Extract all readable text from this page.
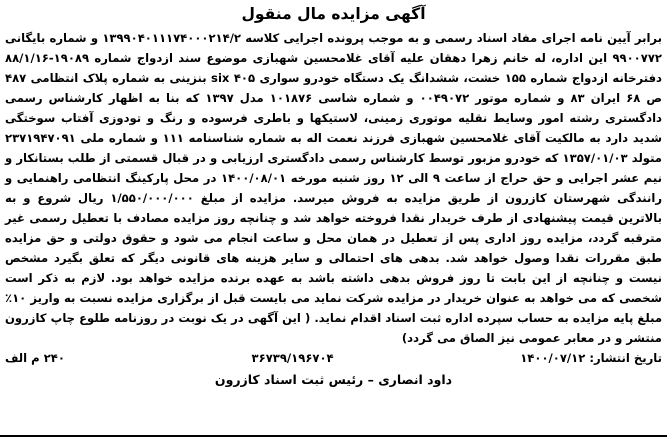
آگهی مزایده مال منقول

برابر آیین نامه اجرای مفاد اسناد رسمی و به موجب پرونده اجرایی کلاسه ۱۳۹۹۰۴۰۱۱۱۷۴۰۰۰۲۱۴/۲ و شماره بایگانی ۹۹۰۰۷۷۲ این اداره، له خانم زهرا دهقان علیه آقای غلامحسین شهبازی موضوع سند ازدواج شماره ۱۹۰۸۹-۸۸/۱/۱۶ دفترخانه ازدواج شماره ۱۵۵ خشت، ششدانگ یک دستگاه خودرو سواری six ۴۰۵ بنزینی به شماره پلاک انتظامی ۴۸۷ ص ۶۸ ایران ۸۳ و شماره موتور ۰۰۴۹۰۷۲ و شماره شاسی ۱۰۱۸۷۶ مدل ۱۳۹۷ که بنا به اظهار کارشناس رسمی دادگستری رشته امور وسایط نقلیه موتوری زمینی، لاستیکها و باطری فرسوده و رنگ و تودوزی آفتاب سوختگی شدید دارد به مالکیت آقای غلامحسین شهبازی فرزند نعمت اله به شماره شناسنامه ۱۱۱ و شماره ملی ۲۳۷۱۹۴۷۰۹۱ متولد ۱۳۵۷/۰۱/۰۳ که خودرو مزبور توسط کارشناس رسمی دادگستری ارزیابی و در قبال قسمتی از طلب بستانکار و نیم عشر اجرایی و حق حراج از ساعت ۹ الی ۱۲ روز شنبه مورخه ۱۴۰۰/۰۸/۰۱ در محل پارکینگ انتظامی راهنمایی و رانندگی شهرستان کازرون از طریق مزایده به فروش میرسد. مزایده از مبلغ ۱/۵۵۰/۰۰۰/۰۰۰ ریال شروع و به بالاترین قیمت پیشنهادی از طرف خریدار نقدا فروخته خواهد شد و چنانچه روز مزایده مصادف با تعطیل رسمی غیر مترقبه گردد، مزایده روز اداری پس از تعطیل در همان محل و ساعت انجام می شود و حقوق دولتی و حق مزایده طبق مقررات نقدا وصول خواهد شد. بدهی های احتمالی و سایر هزینه های قانونی دیگر که تعلق بگیرد مشخص نیست و چنانچه از این بابت تا روز فروش بدهی داشته باشد به عهده برنده مزایده خواهد بود. لازم به ذکر است شخصی که می خواهد به عنوان خریدار در مزایده شرکت نماید می بایست قبل از برگزاری مزایده نسبت به واریز ۱۰٪ مبلغ پایه مزایده به حساب سپرده اداره ثبت اسناد اقدام نماید. ( این آگهی در یک نوبت در روزنامه طلوع چاپ کازرون منتشر و در معابر عمومی نیز الصاق می گردد)

تاریخ انتشار: ۱۴۰۰/۰۷/۱۲
۳۶۷۳۹/۱۹۶۷۰۴
۲۴۰ م الف
داود انصاری – رئیس ثبت اسناد کازرون
